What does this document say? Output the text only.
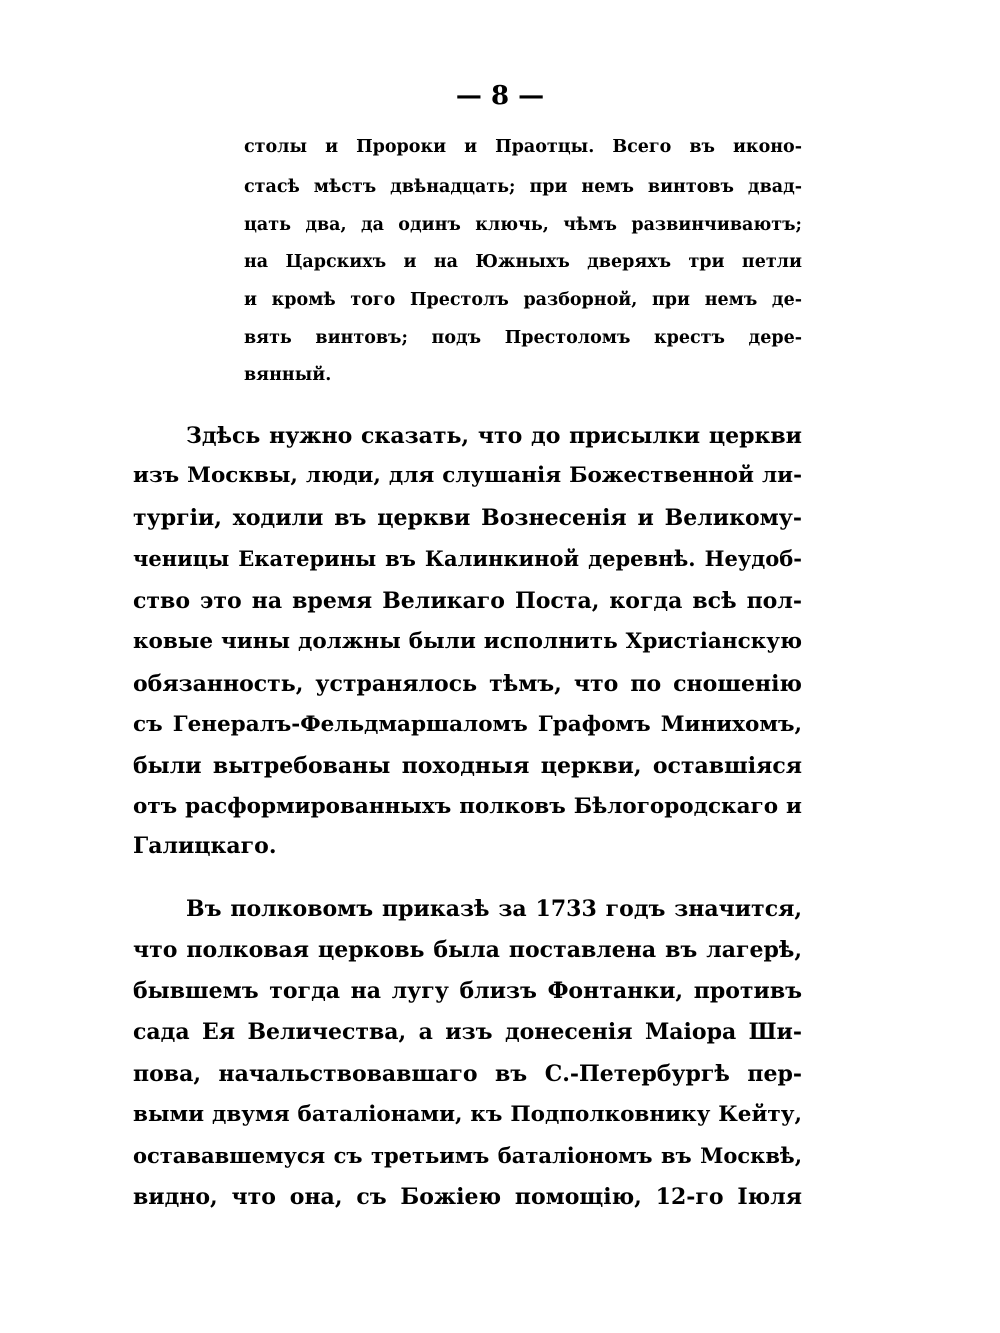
— 8 —
столы и Пророки и Праотцы. Всего въ иконо-
стасѣ мѣстъ двѣнадцать; при немъ винтовъ двад-
цать два, да одинъ ключь, чѣмъ развинчиваютъ;
на Царскихъ и на Южныхъ дверяхъ три петли
и кромѣ того Престолъ разборной, при немъ де-
вять винтовъ; подъ Престоломъ крестъ дере-
вянный.
Здѣсь нужно сказать, что до присылки церкви
изъ Москвы, люди, для слушанія Божественной ли-
тургіи, ходили въ церкви Вознесенія и Великому-
ченицы Екатерины въ Калинкиной деревнѣ. Неудоб-
ство это на время Великаго Поста, когда всѣ пол-
ковые чины должны были исполнить Христіанскую
обязанность, устранялось тѣмъ, что по сношенію
съ Генералъ-Фельдмаршаломъ Графомъ Минихомъ,
были вытребованы походныя церкви, оставшіяся
отъ расформированныхъ полковъ Бѣлогородскаго и
Галицкаго.
Въ полковомъ приказѣ за 1733 годъ значится,
что полковая церковь была поставлена въ лагерѣ,
бывшемъ тогда на лугу близъ Фонтанки, противъ
сада Ея Величества, а изъ донесенія Маіора Ши-
пова, начальствовавшаго въ С.-Петербургѣ пер-
выми двумя баталіонами, къ Подполковнику Кейту,
остававшемуся съ третьимъ баталіономъ въ Москвѣ,
видно, что она, съ Божіею помощію, 12-го Іюля
